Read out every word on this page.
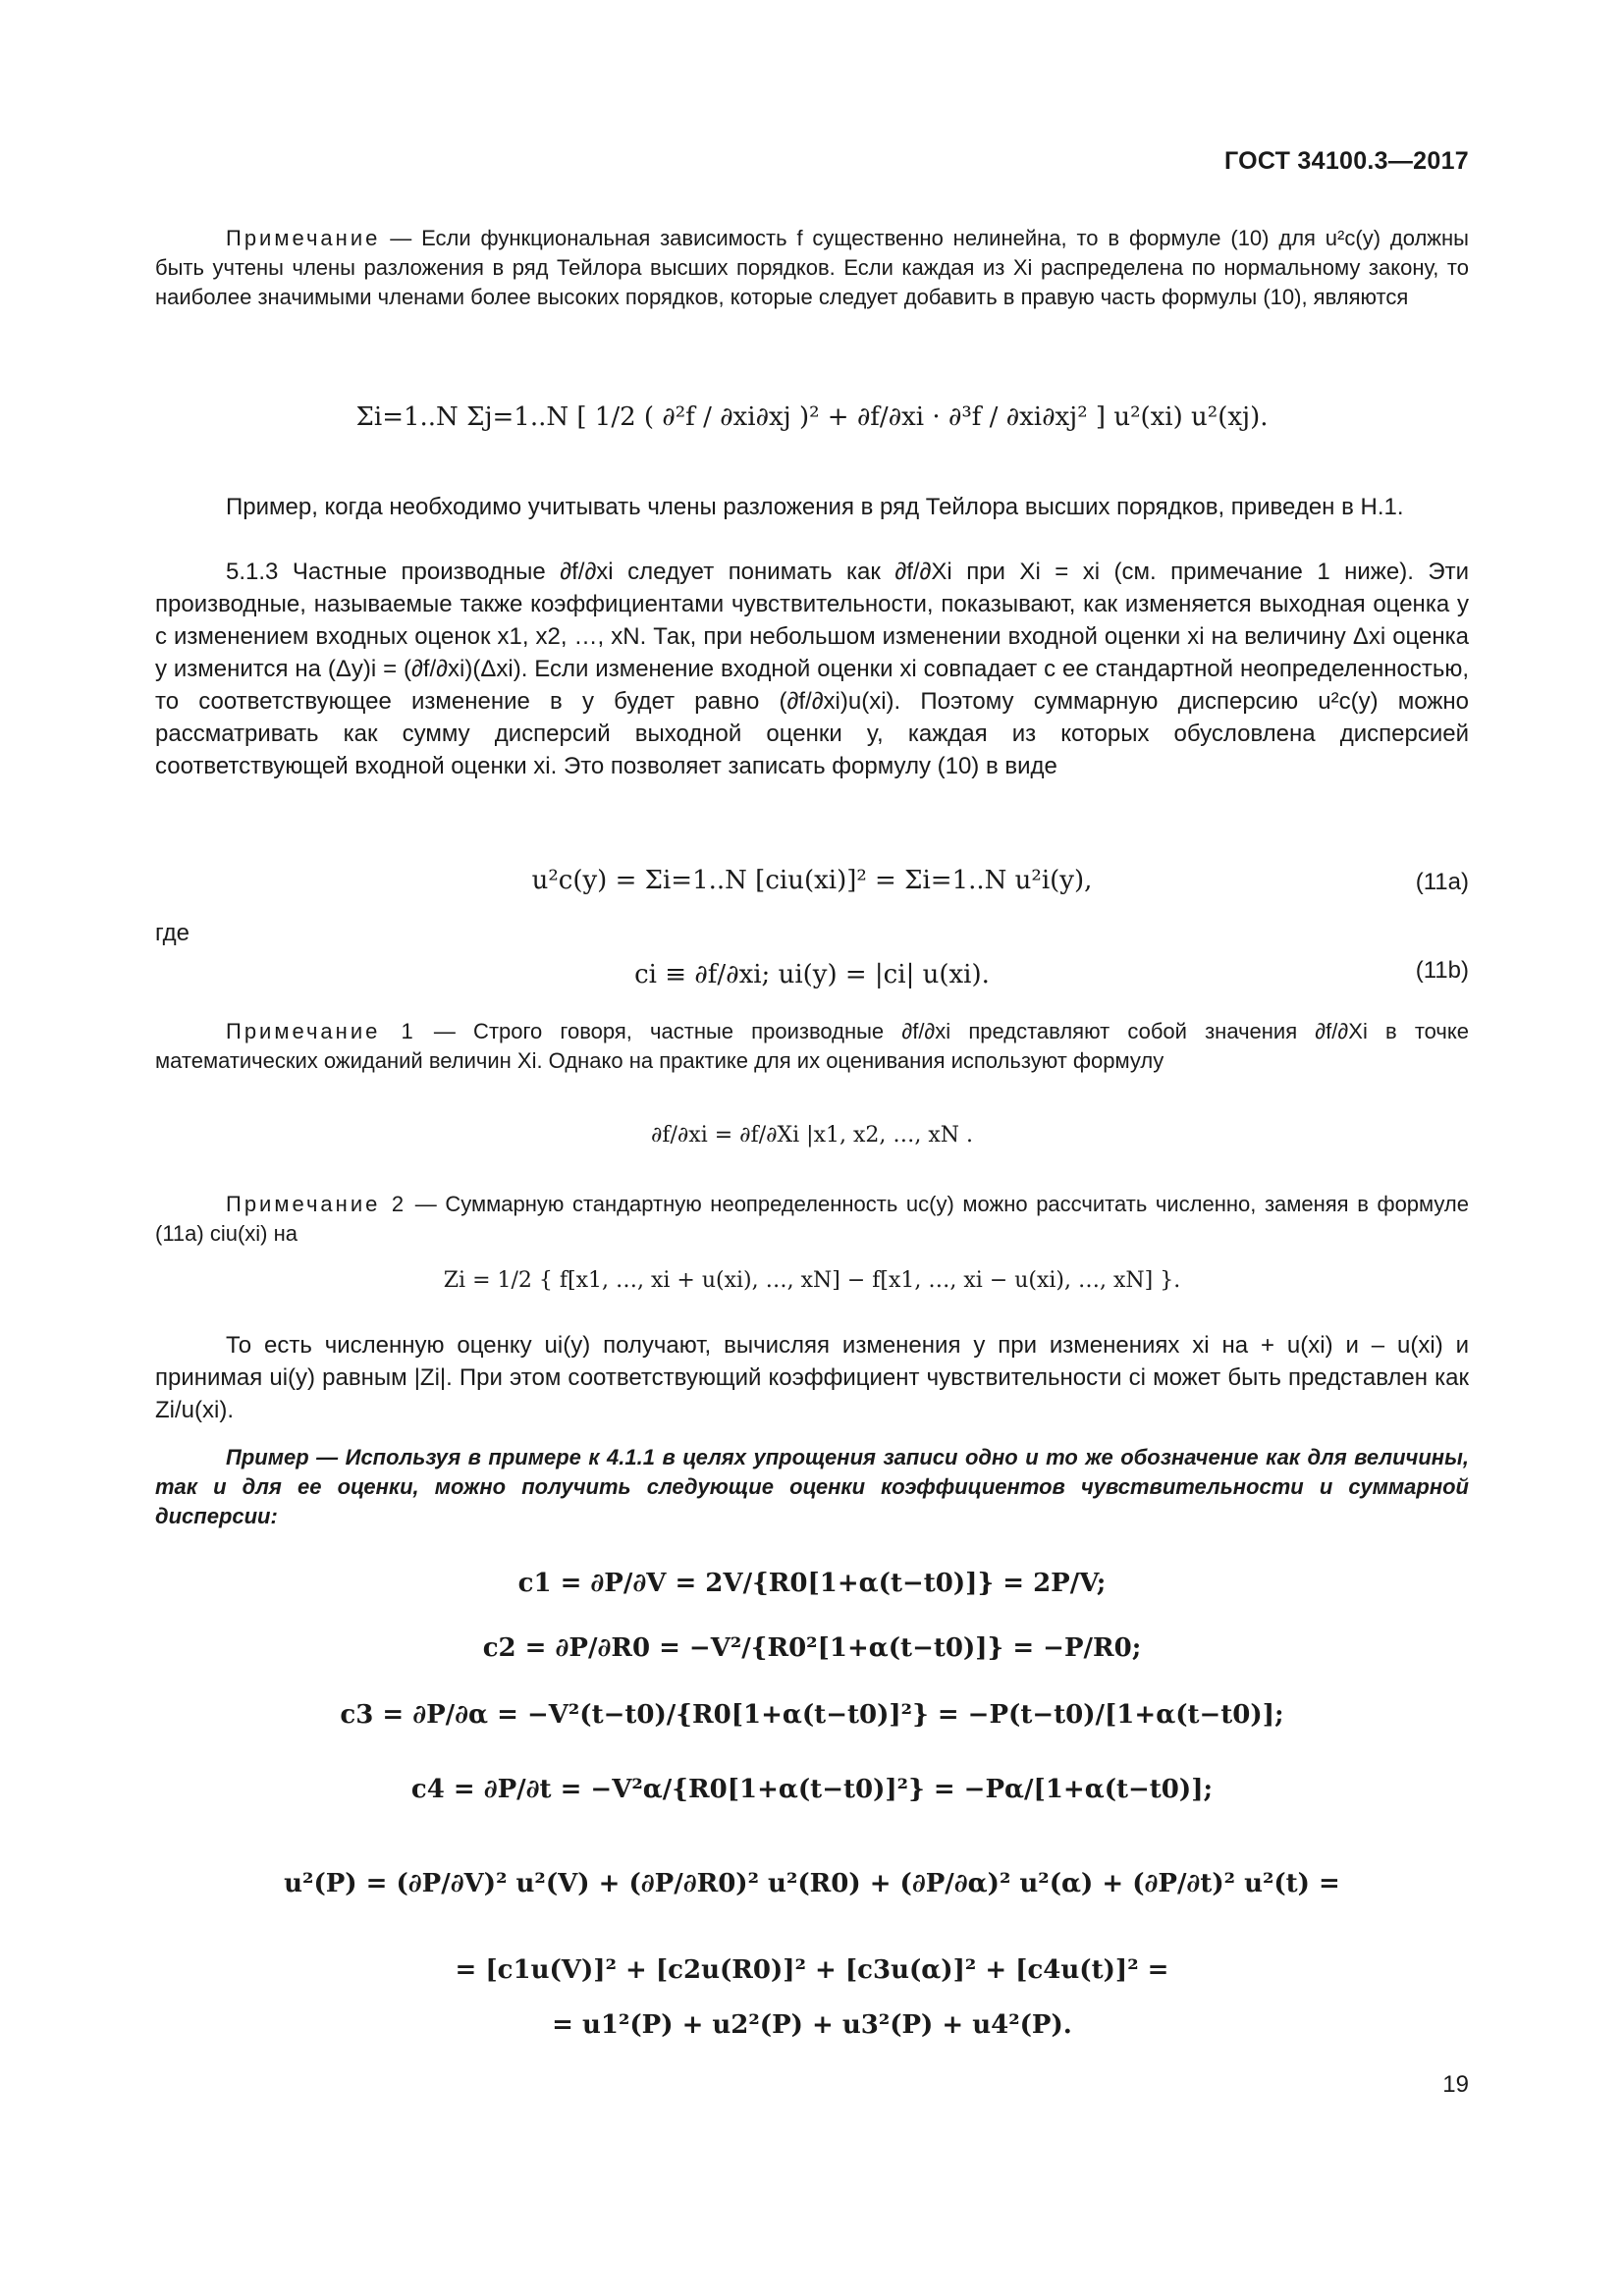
ГОСТ 34100.3—2017
Примечание — Если функциональная зависимость f существенно нелинейна, то в формуле (10) для u²c(y) должны быть учтены члены разложения в ряд Тейлора высших порядков. Если каждая из Xi распределена по нормальному закону, то наиболее значимыми членами более высоких порядков, которые следует добавить в правую часть формулы (10), являются
Σi=1..N Σj=1..N [ 1/2 ( ∂²f / ∂xi∂xj )² + ∂f/∂xi · ∂³f / ∂xi∂xj² ] u²(xi) u²(xj).
Пример, когда необходимо учитывать члены разложения в ряд Тейлора высших порядков, приведен в Н.1.
5.1.3 Частные производные ∂f/∂xi следует понимать как ∂f/∂Xi при Xi = xi (см. примечание 1 ниже). Эти производные, называемые также коэффициентами чувствительности, показывают, как изменяется выходная оценка у с изменением входных оценок x1, x2, …, xN. Так, при небольшом изменении входной оценки xi на величину Δxi оценка y изменится на (Δy)i = (∂f/∂xi)(Δxi). Если изменение входной оценки xi совпадает с ее стандартной неопределенностью, то соответствующее изменение в y будет равно (∂f/∂xi)u(xi). Поэтому суммарную дисперсию u²c(y) можно рассматривать как сумму дисперсий выходной оценки y, каждая из которых обусловлена дисперсией соответствующей входной оценки xi. Это позволяет записать формулу (10) в виде
u²c(y) = Σi=1..N [ciu(xi)]² = Σi=1..N u²i(y),	(11a)
где
ci ≡ ∂f/∂xi; ui(y) = |ci| u(xi).	(11b)
Примечание 1 — Строго говоря, частные производные ∂f/∂xi представляют собой значения ∂f/∂Xi в точке математических ожиданий величин Xi. Однако на практике для их оценивания используют формулу
∂f/∂xi = ∂f/∂Xi |x1, x2, …, xN .
Примечание 2 — Суммарную стандартную неопределенность uc(y) можно рассчитать численно, заменяя в формуле (11a) ciu(xi) на
Zi = 1/2 { f[x1, …, xi + u(xi), …, xN] − f[x1, …, xi − u(xi), …, xN] }.
То есть численную оценку ui(y) получают, вычисляя изменения y при изменениях xi на + u(xi) и – u(xi) и принимая ui(y) равным |Zi|. При этом соответствующий коэффициент чувствительности ci может быть представлен как Zi/u(xi).
Пример — Используя в примере к 4.1.1 в целях упрощения записи одно и то же обозначение как для величины, так и для ее оценки, можно получить следующие оценки коэффициентов чувствительности и суммарной дисперсии:
c1 = ∂P/∂V = 2V/{R0[1+α(t−t0)]} = 2P/V;
c2 = ∂P/∂R0 = −V²/{R0²[1+α(t−t0)]} = −P/R0;
c3 = ∂P/∂α = −V²(t−t0)/{R0[1+α(t−t0)]²} = −P(t−t0)/[1+α(t−t0)];
c4 = ∂P/∂t = −V²α/{R0[1+α(t−t0)]²} = −Pα/[1+α(t−t0)];
u²(P) = (∂P/∂V)² u²(V) + (∂P/∂R0)² u²(R0) + (∂P/∂α)² u²(α) + (∂P/∂t)² u²(t) =
= [c1u(V)]² + [c2u(R0)]² + [c3u(α)]² + [c4u(t)]² =
= u1²(P) + u2²(P) + u3²(P) + u4²(P).
19
